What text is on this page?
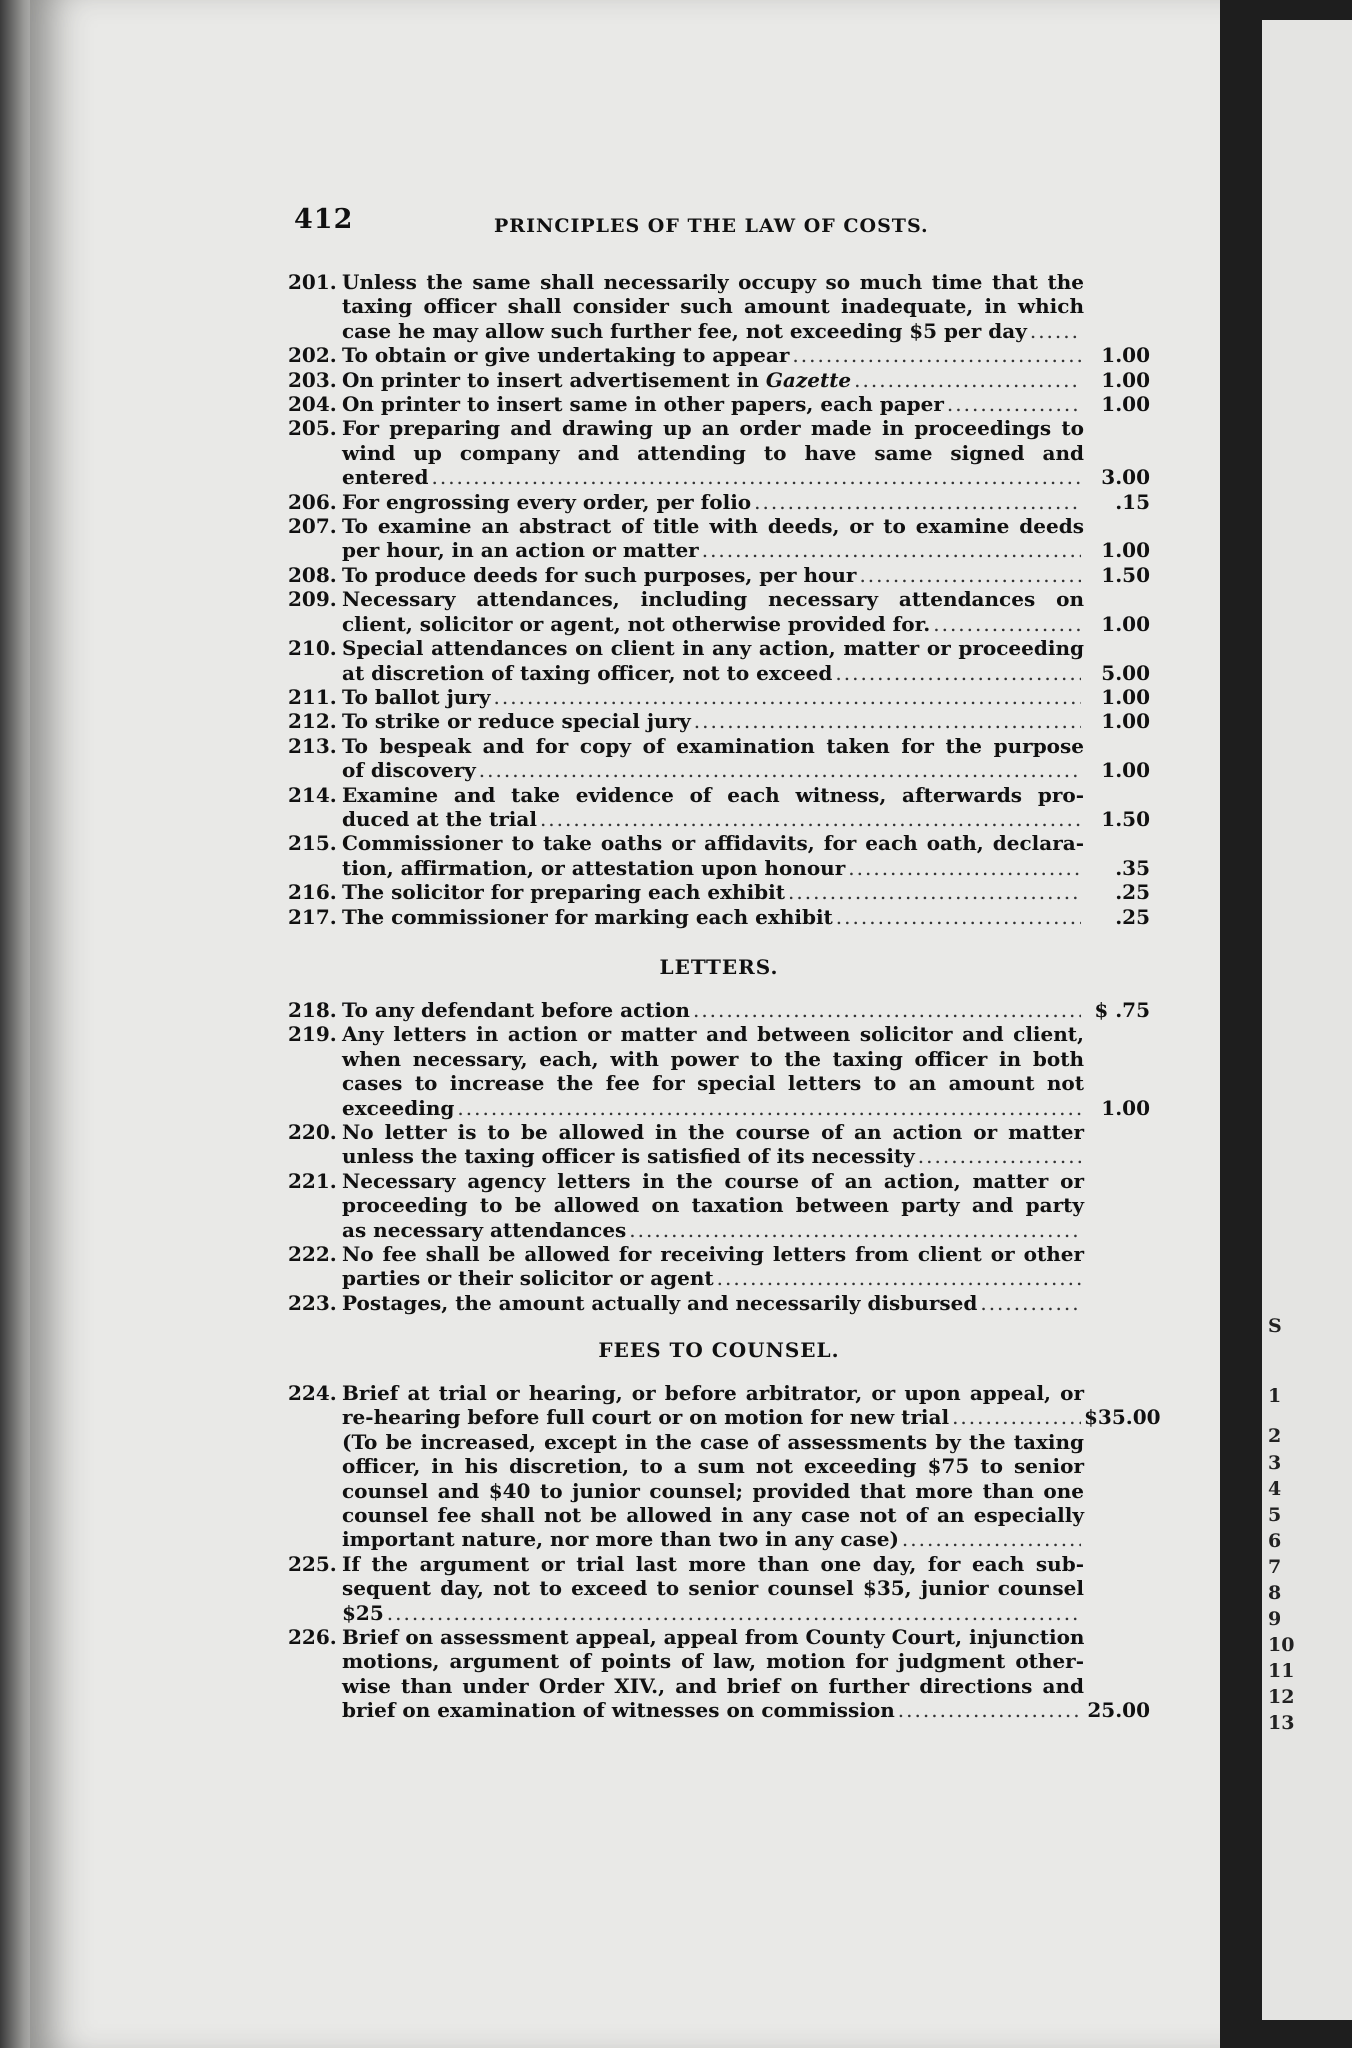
S
1
2
3
4
5
6
7
8
9
10
11
12
13
412	PRINCIPLES OF THE LAW OF COSTS.
201. Unless the same shall necessarily occupy so much time that the
taxing officer shall consider such amount inadequate, in which
case he may allow such further fee, not exceeding $5 per day
.....
202. To obtain or give undertaking to appear .....	1.00
203. On printer to insert advertisement in Gazette .....	1.00
204. On printer to insert same in other papers, each paper .....	1.00
205. For preparing and drawing up an order made in proceedings to
wind up company and attending to have same signed and
entered .....	3.00
206. For engrossing every order, per folio .....	.15
207. To examine an abstract of title with deeds, or to examine deeds
per hour, in an action or matter .....	1.00
208. To produce deeds for such purposes, per hour .....	1.50
209. Necessary attendances, including necessary attendances on
client, solicitor or agent, not otherwise provided for. .....	1.00
210. Special attendances on client in any action, matter or proceeding
at discretion of taxing officer, not to exceed .....	5.00
211. To ballot jury .....	1.00
212. To strike or reduce special jury .....	1.00
213. To bespeak and for copy of examination taken for the purpose
of discovery .....	1.00
214. Examine and take evidence of each witness, afterwards pro-
duced at the trial .....	1.50
215. Commissioner to take oaths or affidavits, for each oath, declara-
tion, affirmation, or attestation upon honour .....	.35
216. The solicitor for preparing each exhibit .....	.25
217. The commissioner for marking each exhibit .....	.25
LETTERS.
218. To any defendant before action .....	$ .75
219. Any letters in action or matter and between solicitor and client,
when necessary, each, with power to the taxing officer in both
cases to increase the fee for special letters to an amount not
exceeding .....	1.00
220. No letter is to be allowed in the course of an action or matter
unless the taxing officer is satisfied of its necessity
.....
221. Necessary agency letters in the course of an action, matter or
proceeding to be allowed on taxation between party and party
as necessary attendances
.....
222. No fee shall be allowed for receiving letters from client or other
parties or their solicitor or agent
.....
223. Postages, the amount actually and necessarily disbursed
.....
FEES TO COUNSEL.
224. Brief at trial or hearing, or before arbitrator, or upon appeal, or
re-hearing before full court or on motion for new trial .....	$35.00
(To be increased, except in the case of assessments by the taxing
officer, in his discretion, to a sum not exceeding $75 to senior
counsel and $40 to junior counsel; provided that more than one
counsel fee shall not be allowed in any case not of an especially
important nature, nor more than two in any case)
.....
225. If the argument or trial last more than one day, for each sub-
sequent day, not to exceed to senior counsel $35, junior counsel
$25
.....
226. Brief on assessment appeal, appeal from County Court, injunction
motions, argument of points of law, motion for judgment other-
wise than under Order XIV., and brief on further directions and
brief on examination of witnesses on commission .....	25.00
